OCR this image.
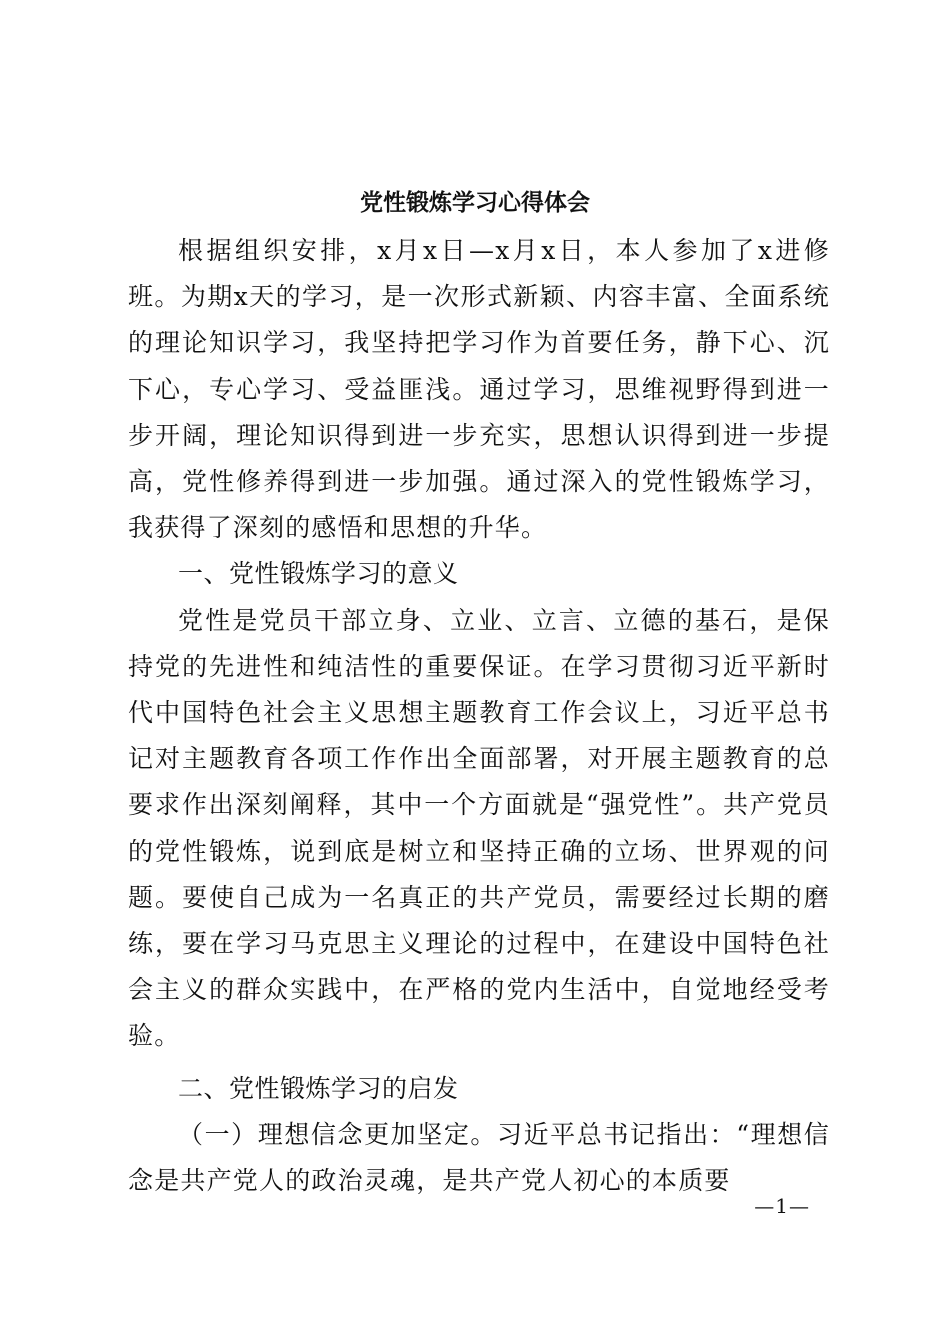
党性锻炼学习心得体会

根据组织安排，x月x日—x月x日，本人参加了x进修班。为期x天的学习，是一次形式新颖、内容丰富、全面系统的理论知识学习，我坚持把学习作为首要任务，静下心、沉下心，专心学习、受益匪浅。通过学习，思维视野得到进一步开阔，理论知识得到进一步充实，思想认识得到进一步提高，党性修养得到进一步加强。通过深入的党性锻炼学习，我获得了深刻的感悟和思想的升华。

一、党性锻炼学习的意义

党性是党员干部立身、立业、立言、立德的基石，是保持党的先进性和纯洁性的重要保证。在学习贯彻习近平新时代中国特色社会主义思想主题教育工作会议上，习近平总书记对主题教育各项工作作出全面部署，对开展主题教育的总要求作出深刻阐释，其中一个方面就是“强党性”。共产党员的党性锻炼，说到底是树立和坚持正确的立场、世界观的问题。要使自己成为一名真正的共产党员，需要经过长期的磨练，要在学习马克思主义理论的过程中，在建设中国特色社会主义的群众实践中，在严格的党内生活中，自觉地经受考验。

二、党性锻炼学习的启发

（一）理想信念更加坚定。习近平总书记指出：“理想信念是共产党人的政治灵魂，是共产党人初心的本质要

—1—
